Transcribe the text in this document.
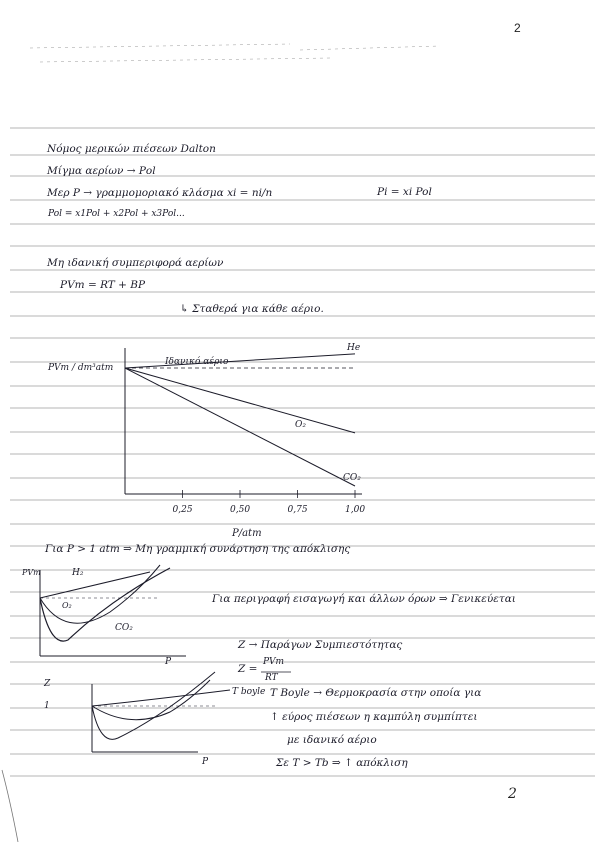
2
Νόμος μερικών πιέσεων Dalton
Μίγμα αερίων → Ροl
Μερ P → γραμμομοριακό κλάσμα xi = ni/n	Pi = xi Pol
Pol = x1Pol + x2Pol + x3Pol...
Μη ιδανική συμπεριφορά αερίων
PVm = RT + BP
↳ Σταθερά για κάθε αέριο.
PVm / dm³atm
He
Ιδανικό αέριο
O₂
CO₂
0,25	0,50	0,75	1,00
P/atm
Για P > 1 atm ⇒ Μη γραμμική συνάρτηση της απόκλισης
PVm	H₂
O₂
CO₂
P
Για περιγραφή εισαγωγή και άλλων όρων ⇒ Γενικεύεται
Z → Παράγων Συμπιεστότητας
Z =
PVm
RT
Z
1
T boyle
P
T Boyle → Θερμοκρασία στην οποία για
↑ εύρος πιέσεων η καμπύλη συμπίπτει
με ιδανικό αέριο
Σε T > Tb ⇒ ↑ απόκλιση
2
